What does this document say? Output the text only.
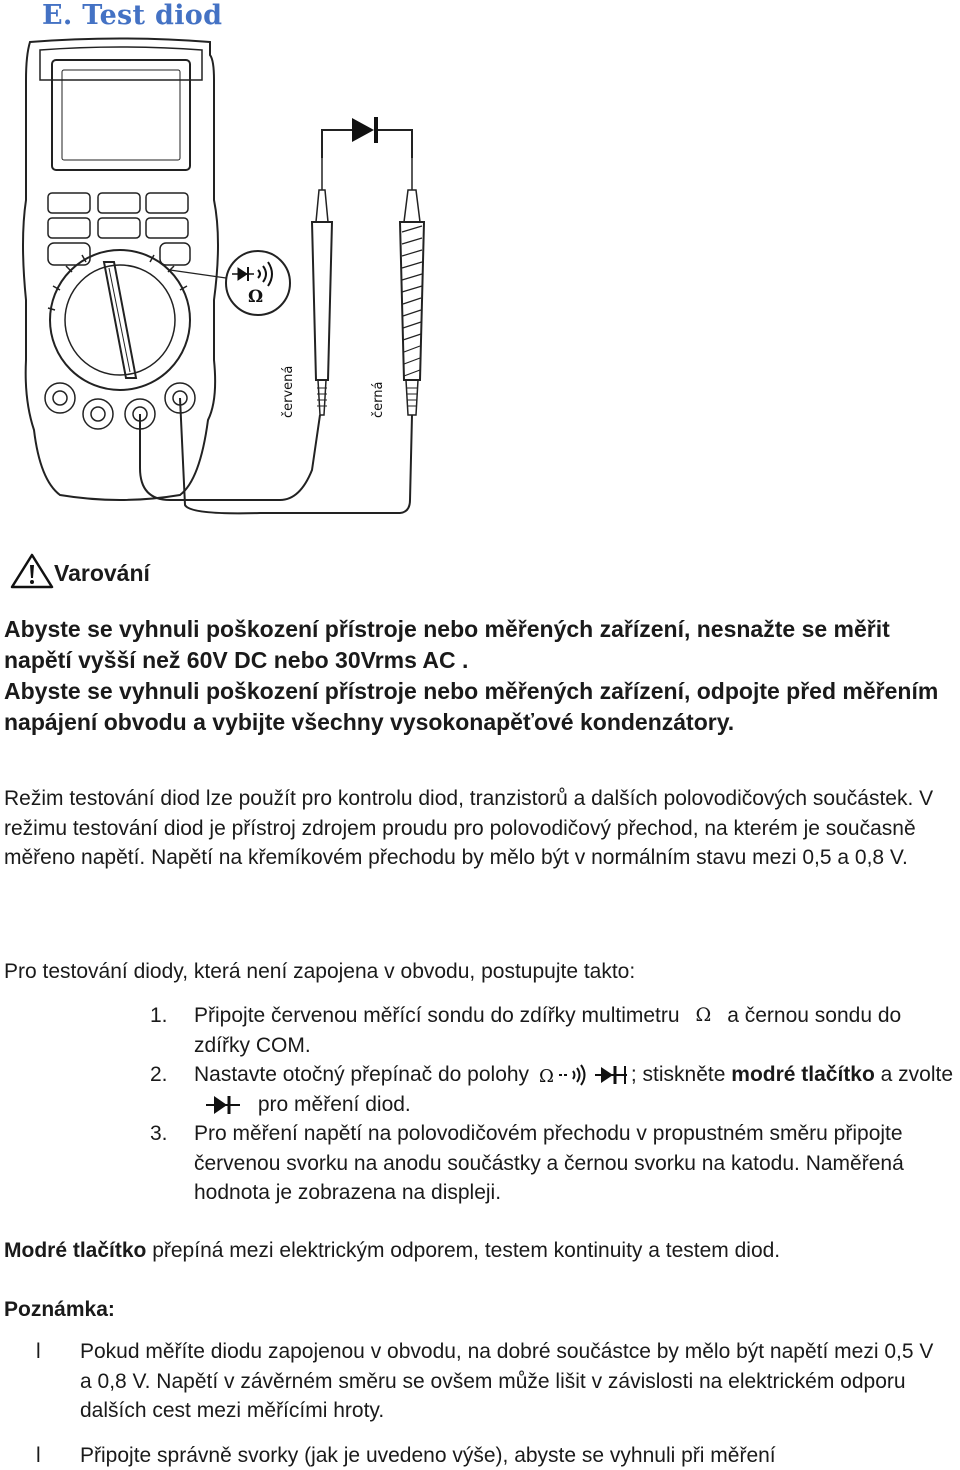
E. Test diod
Ω
červená	černá
Varování
Abyste se vyhnuli poškození přístroje nebo měřených zařízení, nesnažte se měřit napětí vyšší než 60V DC nebo 30Vrms AC .
Abyste se vyhnuli poškození přístroje nebo měřených zařízení, odpojte před měřením napájení obvodu a vybijte všechny vysokonapěťové kondenzátory.
Režim testování diod lze použít pro kontrolu diod, tranzistorů a dalších polovodičových součástek. V režimu testování diod je přístroj zdrojem proudu pro polovodičový přechod, na kterém je současně měřeno napětí. Napětí na křemíkovém přechodu by mělo být v normálním stavu mezi 0,5 a 0,8 V.
Pro testování diody, která není zapojena v obvodu, postupujte takto:
1.	Připojte červenou měřící sondu do zdířky multimetru Ω a černou sondu do zdířky COM.
2.	Nastavte otočný přepínač do polohy Ω	; stiskněte modré tlačítko a zvolte  pro měření diod.
3.	Pro měření napětí na polovodičovém přechodu v propustném směru připojte červenou svorku na anodu součástky a černou svorku na katodu. Naměřená hodnota je zobrazena na displeji.
Modré tlačítko přepíná mezi elektrickým odporem, testem kontinuity a testem diod.
Poznámka:
l	Pokud měříte diodu zapojenou v obvodu, na dobré součástce by mělo být napětí mezi 0,5 V a 0,8 V. Napětí v závěrném směru se ovšem může lišit v závislosti na elektrickém odporu dalších cest mezi měřícími hroty.
l	Připojte správně svorky (jak je uvedeno výše), abyste se vyhnuli při měření
